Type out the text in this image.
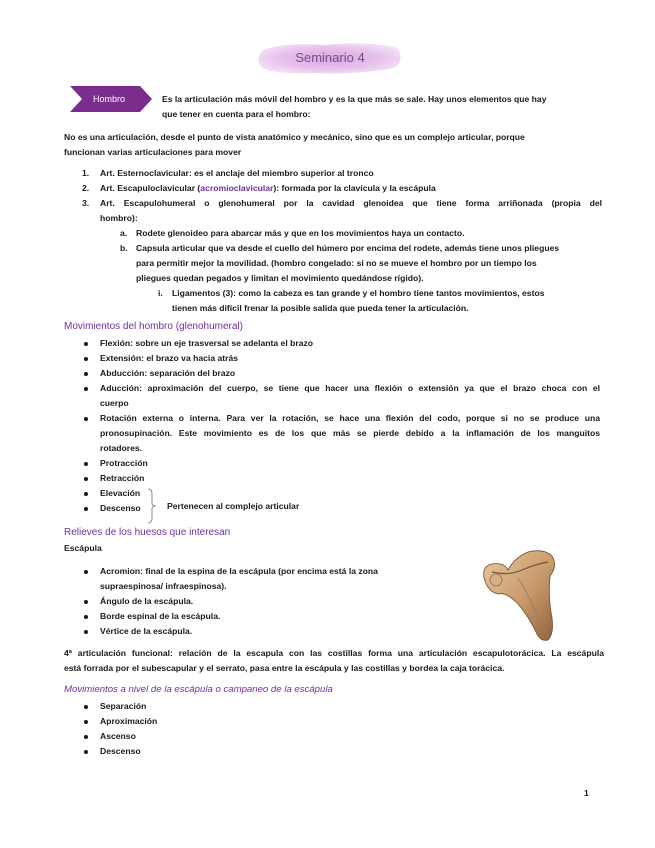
Seminario 4
Hombro	Es la articulación más móvil del hombro y es la que más se sale. Hay unos elementos que hay
que tener en cuenta para el hombro:
No es una articulación, desde el punto de vista anatómico y mecánico, sino que es un complejo articular, porque
funcionan varias articulaciones para mover
1. Art. Esternoclavicular: es el anclaje del miembro superior al tronco
2. Art. Escapuloclavicular (acromioclavicular): formada por la clavícula y la escápula
3. Art. Escapulohumeral o glenohumeral por la cavidad glenoidea que tiene forma arriñonada (propia del
hombro):
a. Rodete glenoideo para abarcar más y que en los movimientos haya un contacto.
b. Capsula articular que va desde el cuello del húmero por encima del rodete, además tiene unos pliegues
para permitir mejor la movilidad. (hombro congelado: si no se mueve el hombro por un tiempo los
pliegues quedan pegados y limitan el movimiento quedándose rígido).
i. Ligamentos (3): como la cabeza es tan grande y el hombro tiene tantos movimientos, estos
tienen más difícil frenar la posible salida que pueda tener la articulación.
Movimientos del hombro (glenohumeral)
Flexión: sobre un eje trasversal se adelanta el brazo
Extensión: el brazo va hacia atrás
Abducción: separación del brazo
Aducción: aproximación del cuerpo, se tiene que hacer una flexión o extensión ya que el brazo choca con el
cuerpo
Rotación externa o interna. Para ver la rotación, se hace una flexión del codo, porque si no se produce una
pronosupinación. Este movimiento es de los que más se pierde debido a la inflamación de los manguitos
rotadores.
Protracción
Retracción
Elevación
Descenso	Pertenecen al complejo articular
Relieves de los huesos que interesan
Escápula
Acromion: final de la espina de la escápula (por encima está la zona
supraespinosa/ infraespinosa).
Ángulo de la escápula.
Borde espinal de la escápula.
Vértice de la escápula.
4ª articulación funcional: relación de la escapula con las costillas forma una articulación escapulotorácica. La escápula
está forrada por el subescapular y el serrato, pasa entre la escápula y las costillas y bordea la caja torácica.
Movimientos a nivel de la escápula o campaneo de la escápula
Separación
Aproximación
Ascenso
Descenso
1
